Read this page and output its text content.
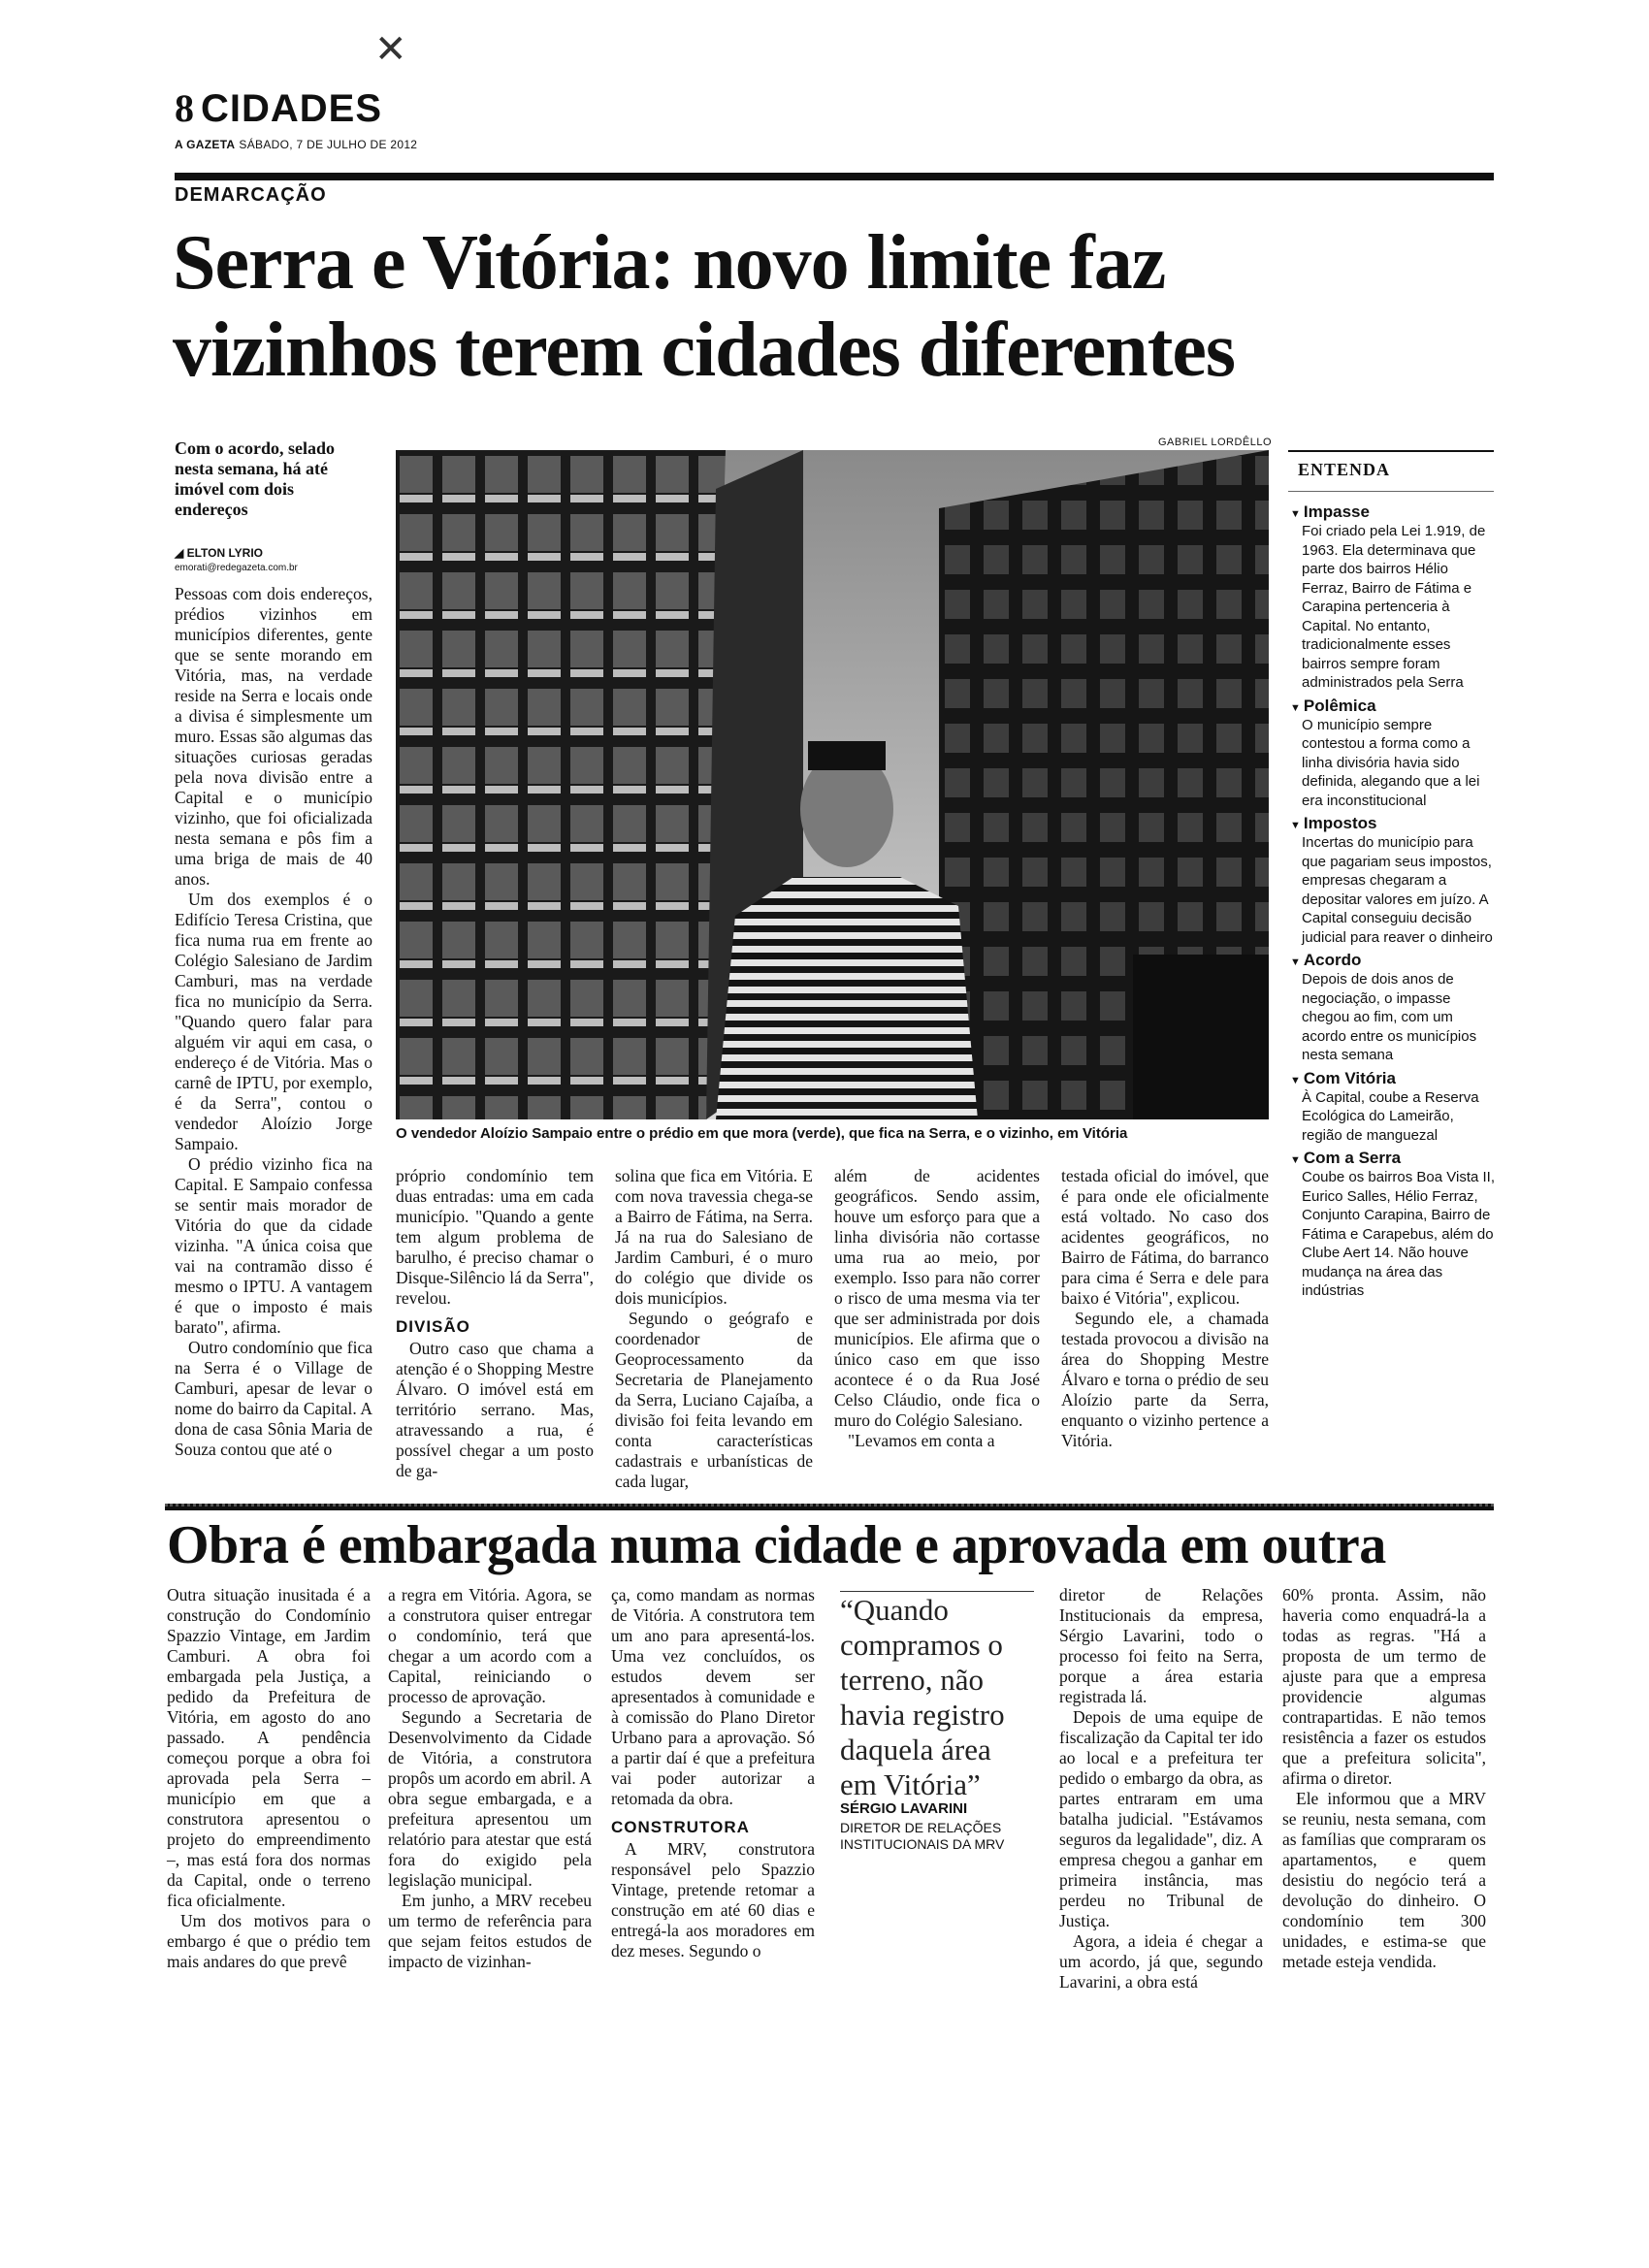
✕
8 CIDADES
A GAZETA SÁBADO, 7 DE JULHO DE 2012
DEMARCAÇÃO
Serra e Vitória: novo limite faz
vizinhos terem cidades diferentes
Com o acordo, selado nesta semana, há até imóvel com dois endereços
◢ ELTON LYRIO
emorati@redegazeta.com.br

Pessoas com dois endereços, prédios vizinhos em municípios diferentes, gente que se sente morando em Vitória, mas, na verdade reside na Serra e locais onde a divisa é simplesmente um muro. Essas são algumas das situações curiosas geradas pela nova divisão entre a Capital e o município vizinho, que foi oficializada nesta semana e pôs fim a uma briga de mais de 40 anos.

Um dos exemplos é o Edifício Teresa Cristina, que fica numa rua em frente ao Colégio Salesiano de Jardim Camburi, mas na verdade fica no município da Serra. "Quando quero falar para alguém vir aqui em casa, o endereço é de Vitória. Mas o carnê de IPTU, por exemplo, é da Serra", contou o vendedor Aloízio Jorge Sampaio.

O prédio vizinho fica na Capital. E Sampaio confessa se sentir mais morador de Vitória do que da cidade vizinha. "A única coisa que vai na contramão disso é mesmo o IPTU. A vantagem é que o imposto é mais barato", afirma.

Outro condomínio que fica na Serra é o Village de Camburi, apesar de levar o nome do bairro da Capital. A dona de casa Sônia Maria de Souza contou que até o

GABRIEL LORDÊLLO
O vendedor Aloízio Sampaio entre o prédio em que mora (verde), que fica na Serra, e o vizinho, em Vitória

próprio condomínio tem duas entradas: uma em cada município. "Quando a gente tem algum problema de barulho, é preciso chamar o Disque-Silêncio lá da Serra", revelou.

DIVISÃO

Outro caso que chama a atenção é o Shopping Mestre Álvaro. O imóvel está em território serrano. Mas, atravessando a rua, é possível chegar a um posto de ga-

solina que fica em Vitória. E com nova travessia chega-se a Bairro de Fátima, na Serra. Já na rua do Salesiano de Jardim Camburi, é o muro do colégio que divide os dois municípios.

Segundo o geógrafo e coordenador de Geoprocessamento da Secretaria de Planejamento da Serra, Luciano Cajaíba, a divisão foi feita levando em conta características cadastrais e urbanísticas de cada lugar,

além de acidentes geográficos. Sendo assim, houve um esforço para que a linha divisória não cortasse uma rua ao meio, por exemplo. Isso para não correr o risco de uma mesma via ter que ser administrada por dois municípios. Ele afirma que o único caso em que isso acontece é o da Rua José Celso Cláudio, onde fica o muro do Colégio Salesiano.

"Levamos em conta a

testada oficial do imóvel, que é para onde ele oficialmente está voltado. No caso dos acidentes geográficos, no Bairro de Fátima, do barranco para cima é Serra e dele para baixo é Vitória", explicou.

Segundo ele, a chamada testada provocou a divisão na área do Shopping Mestre Álvaro e torna o prédio de seu Aloízio parte da Serra, enquanto o vizinho pertence a Vitória.

ENTENDA
▼ Impasse

Foi criado pela Lei 1.919, de 1963. Ela determinava que parte dos bairros Hélio Ferraz, Bairro de Fátima e Carapina pertenceria à Capital. No entanto, tradicionalmente esses bairros sempre foram administrados pela Serra

▼ Polêmica

O município sempre contestou a forma como a linha divisória havia sido definida, alegando que a lei era inconstitucional

▼ Impostos

Incertas do município para que pagariam seus impostos, empresas chegaram a depositar valores em juízo. A Capital conseguiu decisão judicial para reaver o dinheiro

▼ Acordo

Depois de dois anos de negociação, o impasse chegou ao fim, com um acordo entre os municípios nesta semana

▼ Com Vitória

À Capital, coube a Reserva Ecológica do Lameirão, região de manguezal

▼ Com a Serra

Coube os bairros Boa Vista II, Eurico Salles, Hélio Ferraz, Conjunto Carapina, Bairro de Fátima e Carapebus, além do Clube Aert 14. Não houve mudança na área das indústrias

Obra é embargada numa cidade e aprovada em outra

Outra situação inusitada é a construção do Condomínio Spazzio Vintage, em Jardim Camburi. A obra foi embargada pela Justiça, a pedido da Prefeitura de Vitória, em agosto do ano passado. A pendência começou porque a obra foi aprovada pela Serra – município em que a construtora apresentou o projeto do empreendimento –, mas está fora dos normas da Capital, onde o terreno fica oficialmente.

Um dos motivos para o embargo é que o prédio tem mais andares do que prevê

a regra em Vitória. Agora, se a construtora quiser entregar o condomínio, terá que chegar a um acordo com a Capital, reiniciando o processo de aprovação.

Segundo a Secretaria de Desenvolvimento da Cidade de Vitória, a construtora propôs um acordo em abril. A obra segue embargada, e a prefeitura apresentou um relatório para atestar que está fora do exigido pela legislação municipal.

Em junho, a MRV recebeu um termo de referência para que sejam feitos estudos de impacto de vizinhan-

ça, como mandam as normas de Vitória. A construtora tem um ano para apresentá-los. Uma vez concluídos, os estudos devem ser apresentados à comunidade e à comissão do Plano Diretor Urbano para a aprovação. Só a partir daí é que a prefeitura vai poder autorizar a retomada da obra.

CONSTRUTORA

A MRV, construtora responsável pelo Spazzio Vintage, pretende retomar a construção em até 60 dias e entregá-la aos moradores em dez meses. Segundo o

“Quando compramos o terreno, não havia registro daquela área em Vitória”
SÉRGIO LAVARINI
DIRETOR DE RELAÇÕES INSTITUCIONAIS DA MRV

diretor de Relações Institucionais da empresa, Sérgio Lavarini, todo o processo foi feito na Serra, porque a área estaria registrada lá.

Depois de uma equipe de fiscalização da Capital ter ido ao local e a prefeitura ter pedido o embargo da obra, as partes entraram em uma batalha judicial. "Estávamos seguros da legalidade", diz. A empresa chegou a ganhar em primeira instância, mas perdeu no Tribunal de Justiça.

Agora, a ideia é chegar a um acordo, já que, segundo Lavarini, a obra está

60% pronta. Assim, não haveria como enquadrá-la a todas as regras. "Há a proposta de um termo de ajuste para que a empresa providencie algumas contrapartidas. E não temos resistência a fazer os estudos que a prefeitura solicita", afirma o diretor.

Ele informou que a MRV se reuniu, nesta semana, com as famílias que compraram os apartamentos, e quem desistiu do negócio terá a devolução do dinheiro. O condomínio tem 300 unidades, e estima-se que metade esteja vendida.
